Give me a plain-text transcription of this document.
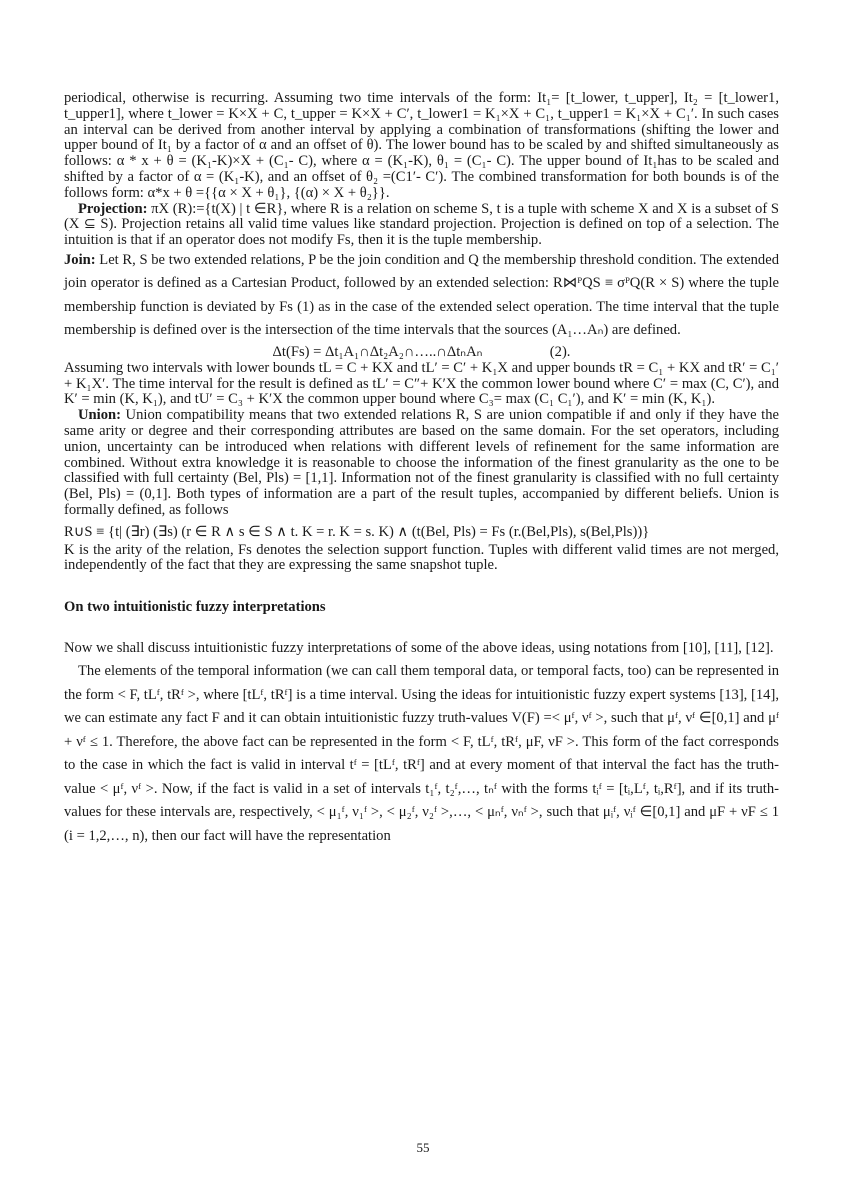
periodical, otherwise is recurring. Assuming two time intervals of the form: It₁= [t_lower, t_upper], It₂ = [t_lower1, t_upper1], where t_lower = K×X + C, t_upper = K×X + C′, t_lower1 = K₁×X + C₁, t_upper1 = K₁×X + C₁′. In such cases an interval can be derived from another interval by applying a combination of transformations (shifting the lower and upper bound of It₁ by a factor of α and an offset of θ). The lower bound has to be scaled by and shifted simultaneously as follows: α * x + θ = (K₁-K)×X + (C₁- C), where α = (K₁-K), θ₁ = (C₁- C). The upper bound of It₁has to be scaled and shifted by a factor of α = (K₁-K), and an offset of θ₂ =(C1′- C′). The combined transformation for both bounds is of the follows form: α*x + θ ={{α × X + θ₁}, {(α) × X + θ₂}}.

Projection: πX (R):={t(X) | t ∈R}, where R is a relation on scheme S, t is a tuple with scheme X and X is a subset of S (X ⊆ S). Projection retains all valid time values like standard projection. Projection is defined on top of a selection. The intuition is that if an operator does not modify Fs, then it is the tuple membership.

Join: Let R, S be two extended relations, P be the join condition and Q the membership threshold condition. The extended join operator is defined as a Cartesian Product, followed by an extended selection: R⋈ᴾQS ≡ σᴾQ(R × S) where the tuple membership function is deviated by Fs (1) as in the case of the extended select operation. The time interval that the tuple membership is defined over is the intersection of the time intervals that the sources (A₁…Aₙ) are defined.

Δt(Fs) = Δt₁A₁∩Δt₂A₂∩…..∩ΔtₙAₙ	(2).

Assuming two intervals with lower bounds tL = C + KX and tL′ = C′ + K₁X and upper bounds tR = C₁ + KX and tR′ = C₁′ + K₁X′. The time interval for the result is defined as tL′ = C″+ K′X the common lower bound where C′ = max (C, C′), and K′ = min (K, K₁), and tU′ = C₃ + K′X the common upper bound where C₃= max (C₁ C₁′), and K′ = min (K, K₁).

Union: Union compatibility means that two extended relations R, S are union compatible if and only if they have the same arity or degree and their corresponding attributes are based on the same domain. For the set operators, including union, uncertainty can be introduced when relations with different levels of refinement for the same information are combined. Without extra knowledge it is reasonable to choose the information of the finest granularity as the one to be classified with full certainty (Bel, Pls) = [1,1]. Information not of the finest granularity is classified with no full certainty (Bel, Pls) = (0,1]. Both types of information are a part of the result tuples, accompanied by different beliefs. Union is formally defined, as follows

R∪S ≡ {t| (∃r) (∃s) (r ∈ R ∧ s ∈ S ∧ t. K = r. K = s. K) ∧ (t(Bel, Pls) = Fs (r.(Bel,Pls), s(Bel,Pls))}

K is the arity of the relation, Fs denotes the selection support function. Tuples with different valid times are not merged, independently of the fact that they are expressing the same snapshot tuple.

On two intuitionistic fuzzy interpretations

Now we shall discuss intuitionistic fuzzy interpretations of some of the above ideas, using notations from [10], [11], [12].

The elements of the temporal information (we can call them temporal data, or temporal facts, too) can be represented in the form < F, tLᶠ, tRᶠ >, where [tLᶠ, tRᶠ] is a time interval. Using the ideas for intuitionistic fuzzy expert systems [13], [14], we can estimate any fact F and it can obtain intuitionistic fuzzy truth-values V(F) =< μᶠ, νᶠ >, such that μᶠ, νᶠ ∈[0,1] and μᶠ + νᶠ ≤ 1. Therefore, the above fact can be represented in the form < F, tLᶠ, tRᶠ, μF, νF >. This form of the fact corresponds to the case in which the fact is valid in interval tᶠ = [tLᶠ, tRᶠ] and at every moment of that interval the fact has the truth-value < μᶠ, νᶠ >. Now, if the fact is valid in a set of intervals t₁ᶠ, t₂ᶠ,…, tₙᶠ with the forms tᵢᶠ = [tᵢ,Lᶠ, tᵢ,Rᶠ], and if its truth-values for these intervals are, respectively, < μ₁ᶠ, ν₁ᶠ >, < μ₂ᶠ, ν₂ᶠ >,…, < μₙᶠ, νₙᶠ >, such that μᵢᶠ, νᵢᶠ ∈[0,1] and μF + νF ≤ 1 (i = 1,2,…, n), then our fact will have the representation

55
